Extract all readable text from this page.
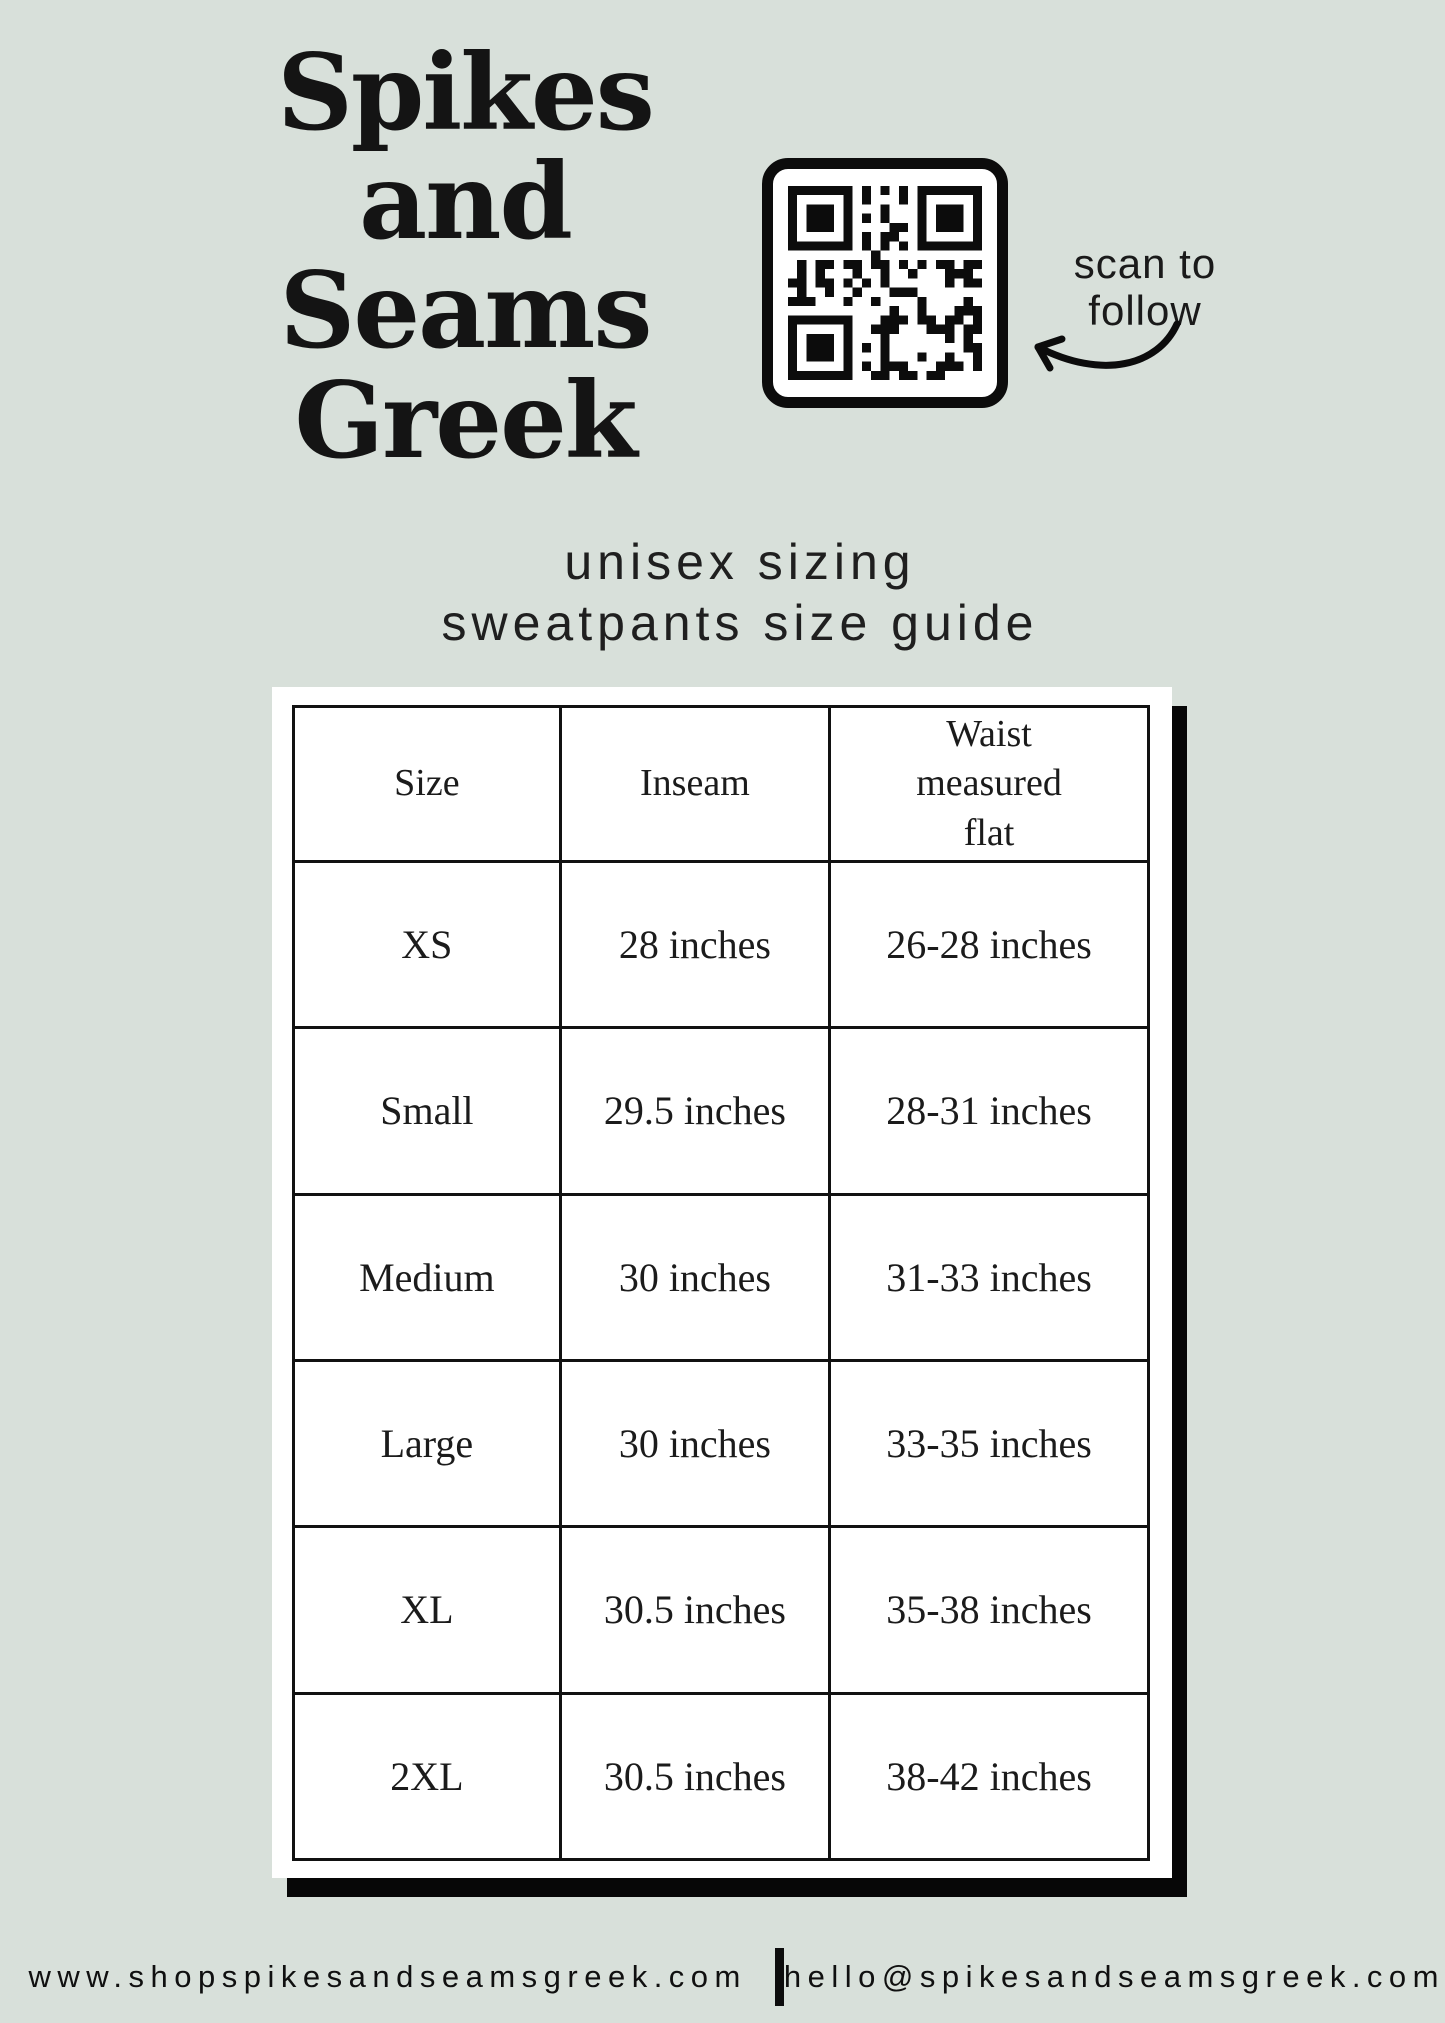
Spikes
and
Seams
Greek
scan to
follow
unisex sizing
sweatpants size guide
Size	Inseam	Waist measured flat
XS	28 inches	26-28 inches
Small	29.5 inches	28-31 inches
Medium	30 inches	31-33 inches
Large	30 inches	33-35 inches
XL	30.5 inches	35-38 inches
2XL	30.5 inches	38-42 inches
www.shopspikesandseamsgreek.com	hello@spikesandseamsgreek.com
